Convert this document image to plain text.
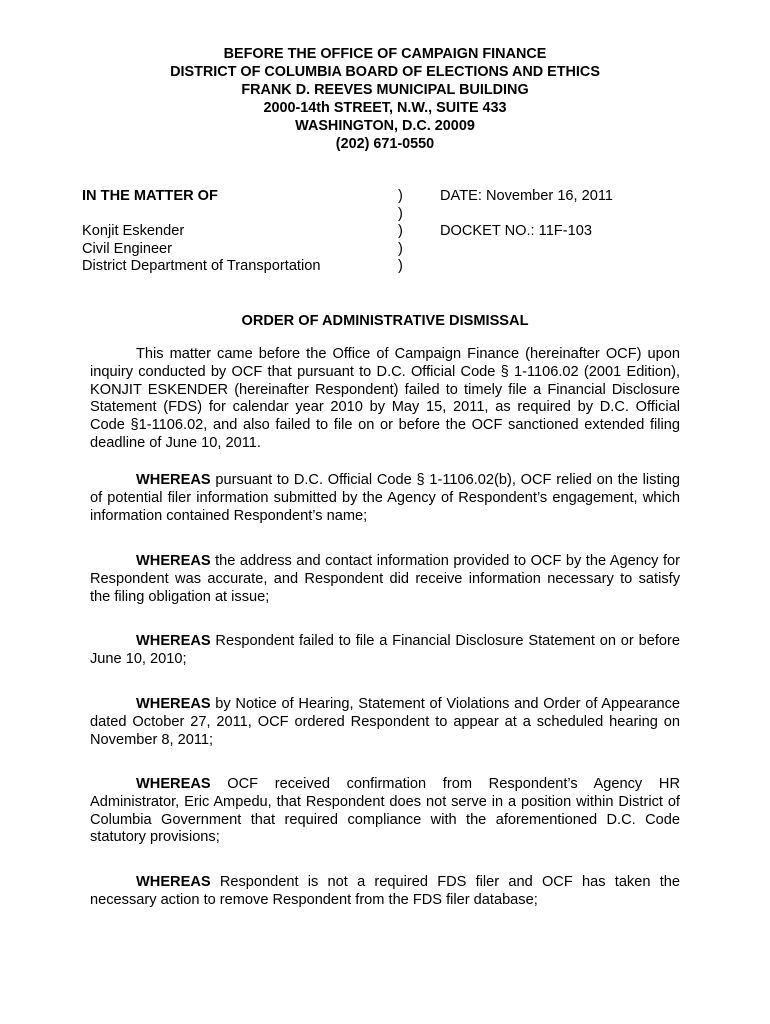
BEFORE THE OFFICE OF CAMPAIGN FINANCE
DISTRICT OF COLUMBIA BOARD OF ELECTIONS AND ETHICS
FRANK D. REEVES MUNICIPAL BUILDING
2000-14th STREET, N.W., SUITE 433
WASHINGTON, D.C. 20009
(202) 671-0550
IN THE MATTER OF
Konjit Eskender
Civil Engineer
District Department of Transportation
)
)
)
)
)
DATE: November 16, 2011
DOCKET NO.: 11F-103
ORDER OF ADMINISTRATIVE DISMISSAL
This matter came before the Office of Campaign Finance (hereinafter OCF) upon inquiry conducted by OCF that pursuant to D.C. Official Code § 1-1106.02 (2001 Edition), KONJIT ESKENDER (hereinafter Respondent) failed to timely file a Financial Disclosure Statement (FDS) for calendar year 2010 by May 15, 2011, as required by D.C. Official Code §1-1106.02, and also failed to file on or before the OCF sanctioned extended filing deadline of June 10, 2011.
WHEREAS pursuant to D.C. Official Code § 1-1106.02(b), OCF relied on the listing of potential filer information submitted by the Agency of Respondent’s engagement, which information contained Respondent’s name;
WHEREAS the address and contact information provided to OCF by the Agency for Respondent was accurate, and Respondent did receive information necessary to satisfy the filing obligation at issue;
WHEREAS Respondent failed to file a Financial Disclosure Statement on or before June 10, 2010;
WHEREAS by Notice of Hearing, Statement of Violations and Order of Appearance dated October 27, 2011, OCF ordered Respondent to appear at a scheduled hearing on November 8, 2011;
WHEREAS OCF received confirmation from Respondent’s Agency HR Administrator, Eric Ampedu, that Respondent does not serve in a position within District of Columbia Government that required compliance with the aforementioned D.C. Code statutory provisions;
WHEREAS Respondent is not a required FDS filer and OCF has taken the necessary action to remove Respondent from the FDS filer database;
